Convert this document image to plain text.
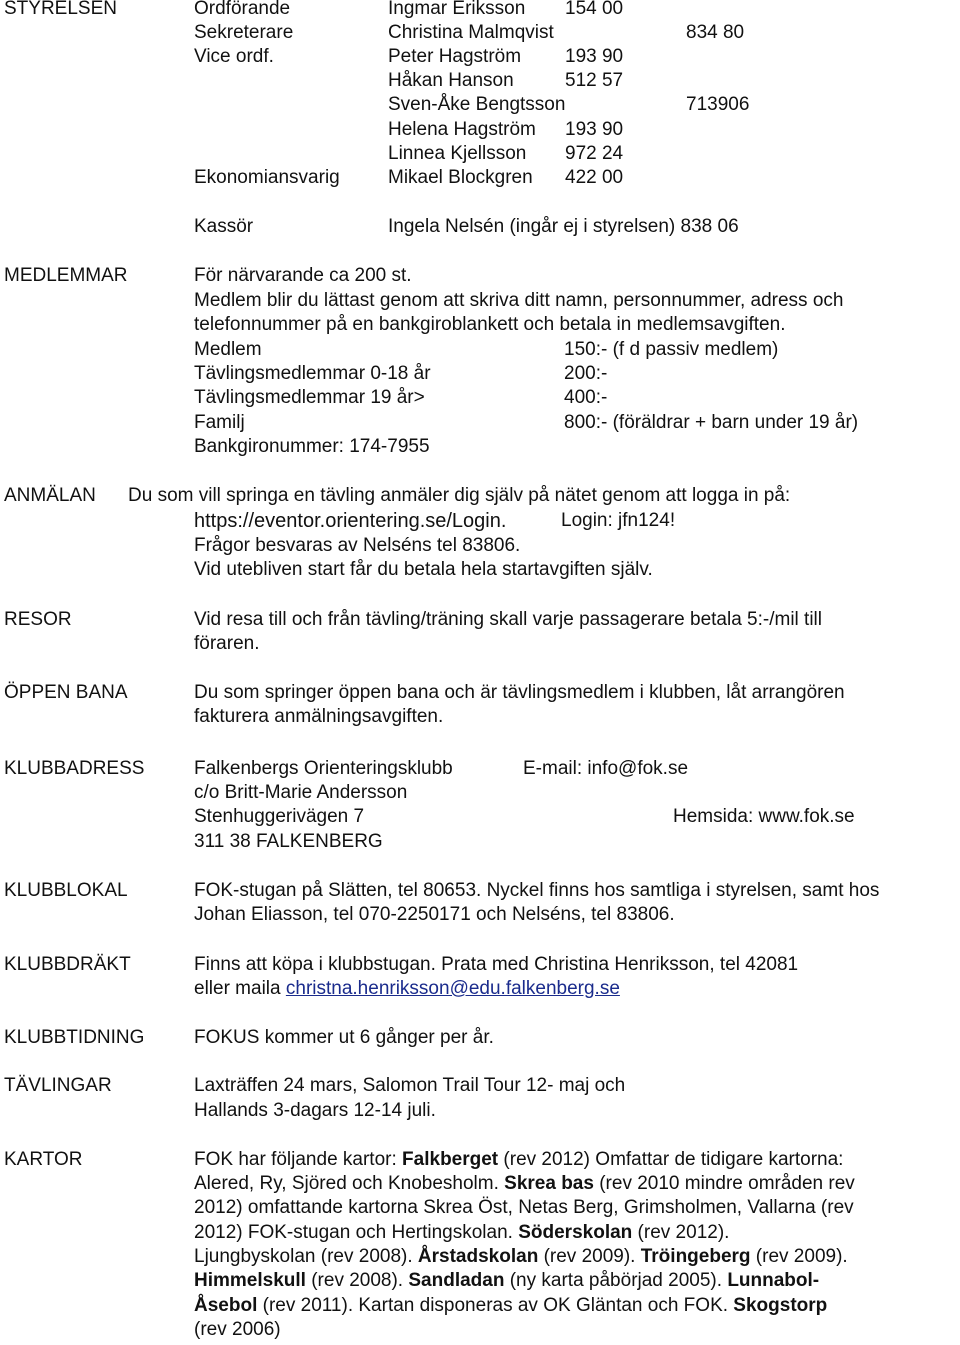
STYRELSEN	Ordförande	Ingmar Eriksson 154 00
Sekreterare	Christina Malmqvist	834 80
Vice ordf.	Peter Hagström 193 90
Håkan Hanson	512 57
Sven-Åke Bengtsson	713906
Helena Hagström 193 90
Linnea Kjellsson 972 24
Ekonomiansvarig	Mikael Blockgren 422 00
Kassör	Ingela Nelsén (ingår ej i styrelsen) 838 06
MEDLEMMAR	För närvarande ca 200 st.
Medlem blir du lättast genom att skriva ditt namn, personnummer, adress och
telefonnummer på en bankgiroblankett och betala in medlemsavgiften.
Medlem	150:- (f d passiv medlem)
Tävlingsmedlemmar 0-18 år	200:-
Tävlingsmedlemmar 19 år>	400:-
Familj	800:- (föräldrar + barn under 19 år)
Bankgironummer: 174-7955
ANMÄLAN Du som vill springa en tävling anmäler dig själv på nätet genom att logga in på:
https://eventor.orientering.se/Login.	Login: jfn124!
Frågor besvaras av Nelséns tel 83806.
Vid utebliven start får du betala hela startavgiften själv.
RESOR	Vid resa till och från tävling/träning skall varje passagerare betala 5:-/mil till
föraren.
ÖPPEN BANA	Du som springer öppen bana och är tävlingsmedlem i klubben, låt arrangören
fakturera anmälningsavgiften.
KLUBBADRESS	Falkenbergs Orienteringsklubb	E-mail: info@fok.se
c/o Britt-Marie Andersson
Stenhuggerivägen 7	Hemsida: www.fok.se
311 38 FALKENBERG
KLUBBLOKAL	FOK-stugan på Slätten, tel 80653. Nyckel finns hos samtliga i styrelsen, samt hos
Johan Eliasson, tel 070-2250171 och Nelséns, tel 83806.
KLUBBDRÄKT	Finns att köpa i klubbstugan. Prata med Christina Henriksson, tel 42081
eller maila christna.henriksson@edu.falkenberg.se
KLUBBTIDNING	FOKUS kommer ut 6 gånger per år.
TÄVLINGAR	Laxträffen 24 mars, Salomon Trail Tour 12- maj och
Hallands 3-dagars 12-14 juli.
KARTOR	FOK har följande kartor: Falkberget (rev 2012) Omfattar de tidigare kartorna:
Alered, Ry, Sjöred och Knobesholm. Skrea bas (rev 2010 mindre områden rev
2012) omfattande kartorna Skrea Öst, Netas Berg, Grimsholmen, Vallarna (rev
2012) FOK-stugan och Hertingskolan. Söderskolan (rev 2012).
Ljungbyskolan (rev 2008). Årstadskolan (rev 2009). Tröingeberg (rev 2009).
Himmelskull (rev 2008). Sandladan (ny karta påbörjad 2005). Lunnabol-
Åsebol (rev 2011). Kartan disponeras av OK Gläntan och FOK. Skogstorp
(rev 2006)
